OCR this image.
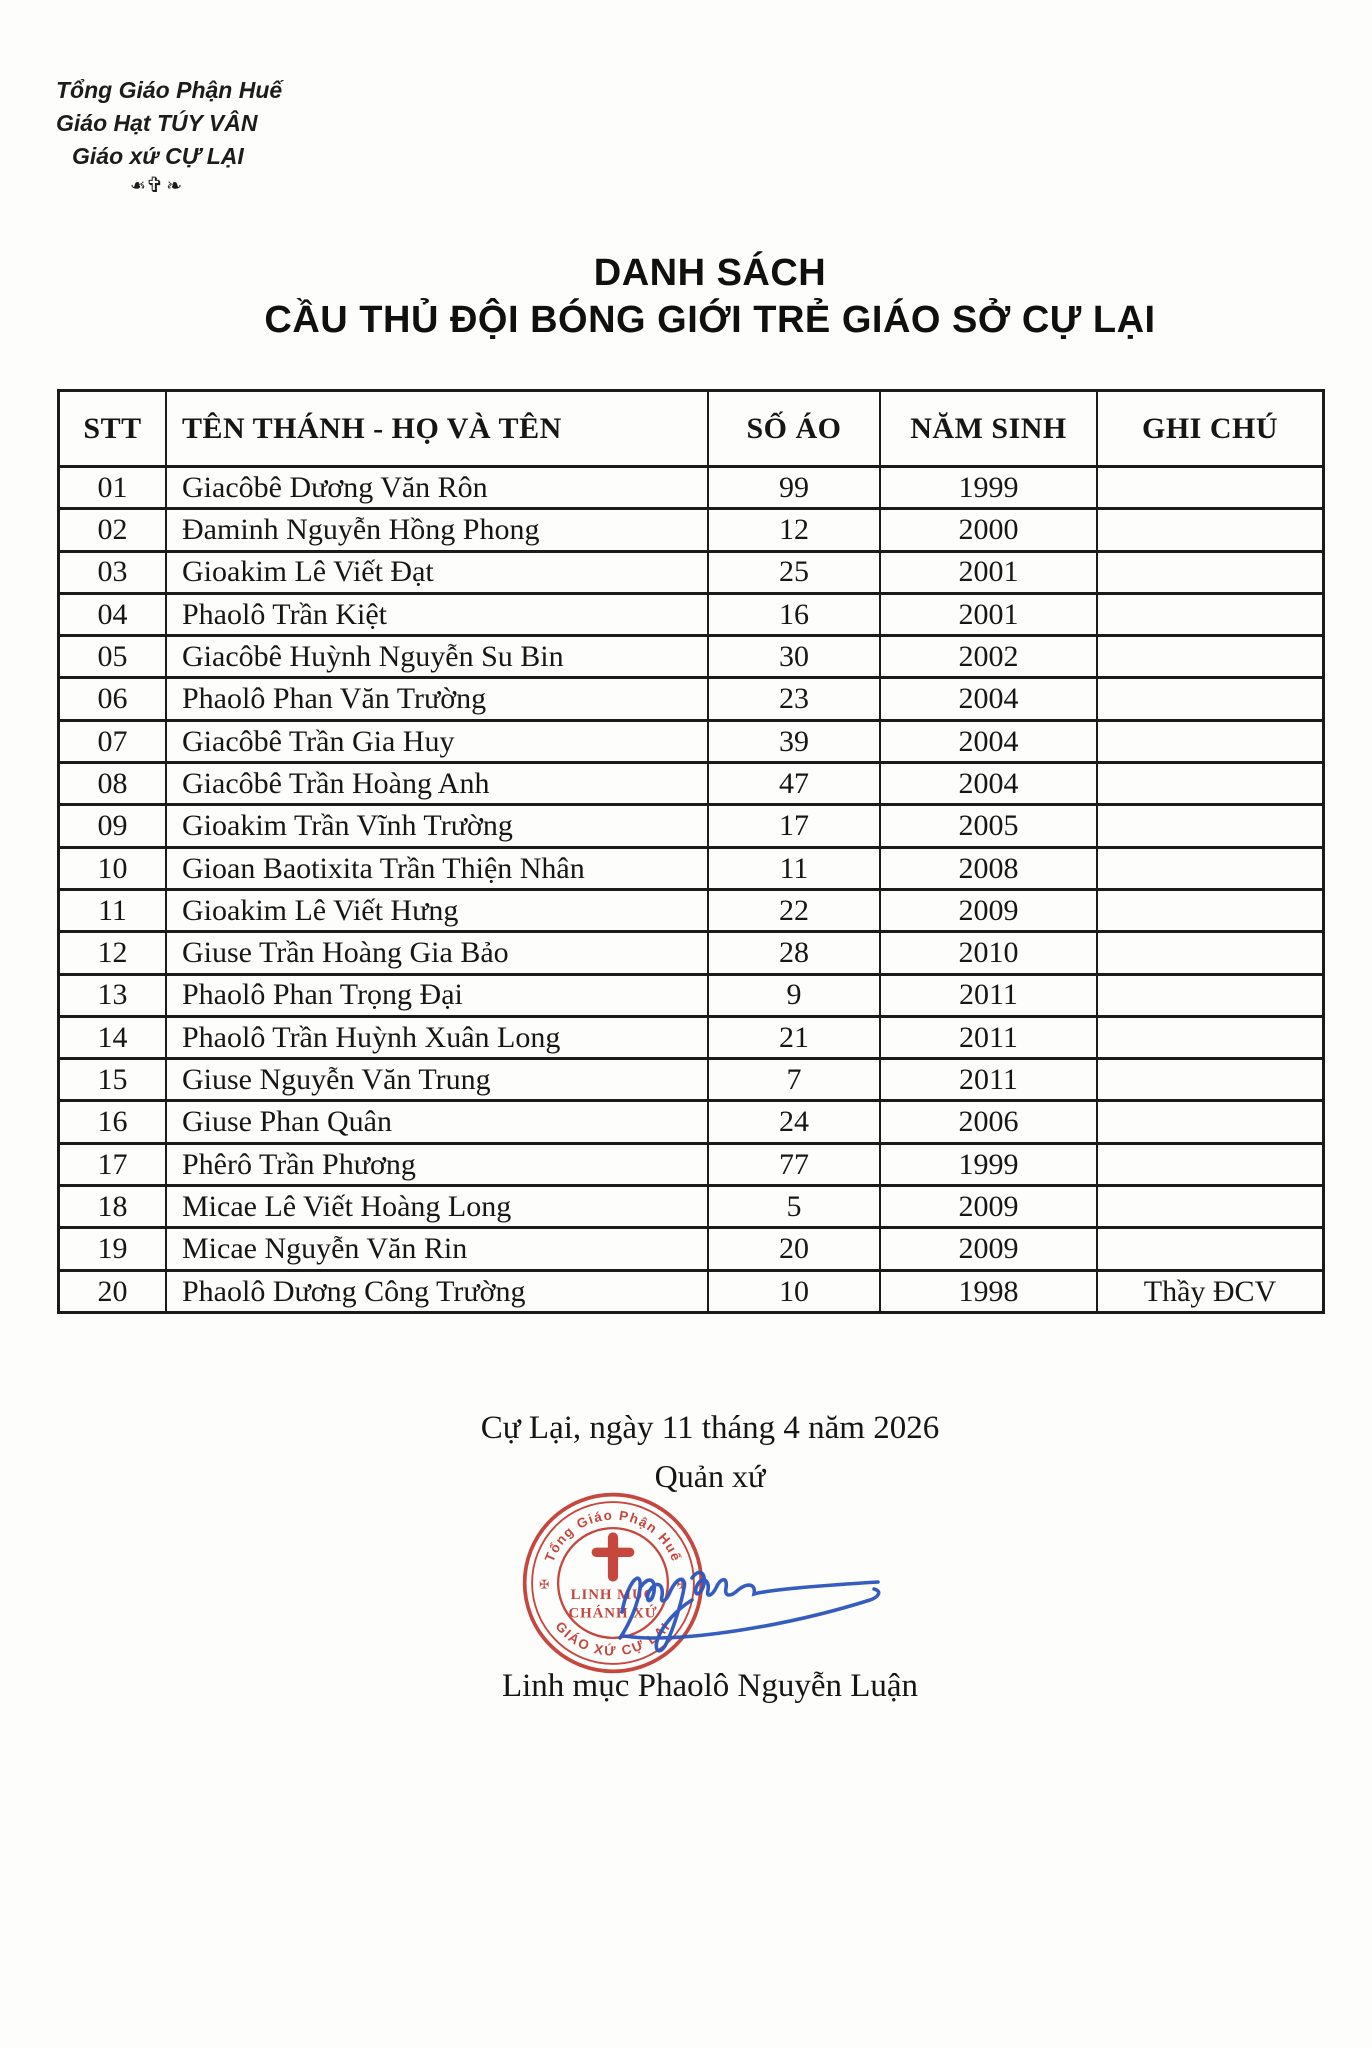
Tổng Giáo Phận Huế
Giáo Hạt TÚY VÂN
Giáo xứ CỰ LẠI
❧✞❧
DANH SÁCH
CẦU THỦ ĐỘI BÓNG GIỚI TRẺ GIÁO SỞ CỰ LẠI
STT	TÊN THÁNH - HỌ VÀ TÊN	SỐ ÁO	NĂM SINH	GHI CHÚ
01	Giacôbê Dương Văn Rôn	99	1999	
02	Đaminh Nguyễn Hồng Phong	12	2000	
03	Gioakim Lê Viết Đạt	25	2001	
04	Phaolô Trần Kiệt	16	2001	
05	Giacôbê Huỳnh Nguyễn Su Bin	30	2002	
06	Phaolô Phan Văn Trường	23	2004	
07	Giacôbê Trần Gia Huy	39	2004	
08	Giacôbê Trần Hoàng Anh	47	2004	
09	Gioakim Trần Vĩnh Trường	17	2005	
10	Gioan Baotixita Trần Thiện Nhân	11	2008	
11	Gioakim Lê Viết Hưng	22	2009	
12	Giuse Trần Hoàng Gia Bảo	28	2010	
13	Phaolô Phan Trọng Đại	9	2011	
14	Phaolô Trần Huỳnh Xuân Long	21	2011	
15	Giuse Nguyễn Văn Trung	7	2011	
16	Giuse Phan Quân	24	2006	
17	Phêrô Trần Phương	77	1999	
18	Micae Lê Viết Hoàng Long	5	2009	
19	Micae Nguyễn Văn Rin	20	2009	
20	Phaolô Dương Công Trường	10	1998	Thầy ĐCV
Cự Lại, ngày 11 tháng 4 năm 2026
Quản xứ
Tổng Giáo Phận Huế
GIÁO XỨ CỰ LẠI
✠	✠
LINH MỤC
CHÁNH XỨ
Linh mục Phaolô Nguyễn Luận
